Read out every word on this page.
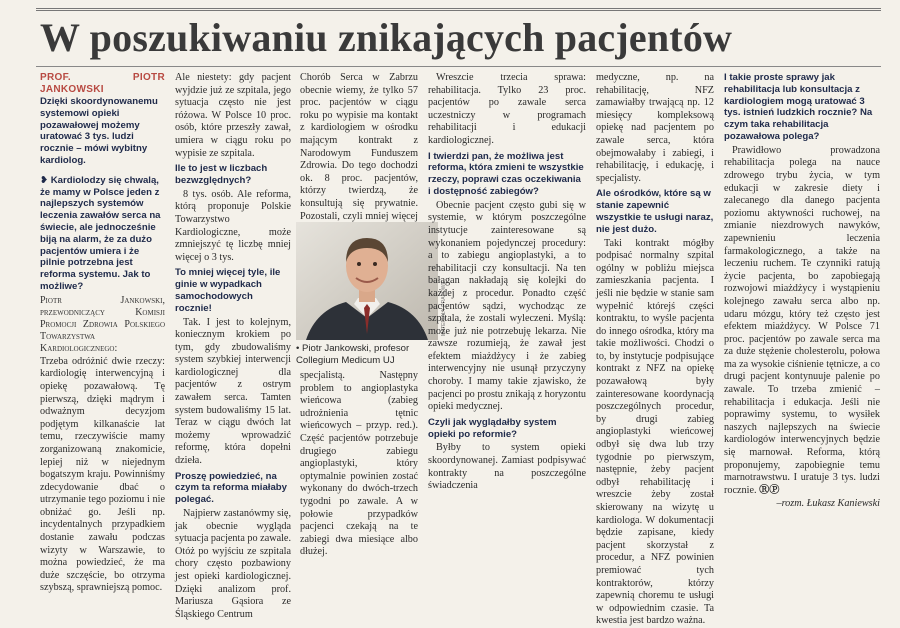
W poszukiwaniu znikających pacjentów
PROF. PIOTR JANKOWSKI
Dzięki skoordynowanemu systemowi opieki pozawałowej możemy uratować 3 tys. ludzi rocznie – mówi wybitny kardiolog.
❥ Kardiolodzy się chwalą, że mamy w Polsce jeden z najlepszych systemów leczenia zawałów serca na świecie, ale jednocześnie biją na alarm, że za dużo pacjentów umiera i że pilnie potrzebna jest reforma systemu. Jak to możliwe?

Piotr Jankowski, przewodniczący Komisji Promocji Zdrowia Polskiego Towarzystwa Kardiologicznego:

Trzeba odróżnić dwie rzeczy: kardiologię interwencyjną i opiekę pozawałową. Tę pierwszą, dzięki mądrym i odważnym decyzjom podjętym kilkanaście lat temu, rzeczywiście mamy zorganizowaną znakomicie, lepiej niż w niejednym bogatszym kraju. Powinniśmy zdecydowanie dbać o utrzymanie tego poziomu i nie obniżać go. Jeśli np. incydentalnych przypadkiem dostanie zawału podczas wizyty w Warszawie, to można powiedzieć, że ma duże szczęście, bo otrzyma szybszą, sprawniejszą pomoc.

Ale niestety: gdy pacjent wyjdzie już ze szpitala, jego sytuacja często nie jest różowa. W Polsce 10 proc. osób, które przeszły zawał, umiera w ciągu roku po wypisie ze szpitala.

Ile to jest w liczbach bezwzględnych?

8 tys. osób. Ale reforma, którą proponuje Polskie Towarzystwo Kardiologiczne, może zmniejszyć tę liczbę mniej więcej o 3 tys.

To mniej więcej tyle, ile ginie w wypadkach samochodowych rocznie!

Tak. I jest to kolejnym, koniecznym krokiem po tym, gdy zbudowaliśmy system szybkiej interwencji kardiologicznej dla pacjentów z ostrym zawałem serca. Tamten system budowaliśmy 15 lat. Teraz w ciągu dwóch lat możemy wprowadzić reformę, która dopełni dzieła.

Proszę powiedzieć, na czym ta reforma miałaby polegać.

Najpierw zastanówmy się, jak obecnie wygląda sytuacja pacjenta po zawale. Otóż po wyjściu ze szpitala chory często pozbawiony jest opieki kardiologicznej. Dzięki analizom prof. Mariusza Gąsiora ze Śląskiego Centrum

Chorób Serca w Zabrzu obecnie wiemy, że tylko 57 proc. pacjentów w ciągu roku po wypisie ma kontakt z kardiologiem w ośrodku mającym kontrakt z Narodowym Funduszem Zdrowia. Do tego dochodzi ok. 8 proc. pacjentów, którzy twierdzą, że konsultują się prywatnie. Pozostali, czyli mniej więcej

MATERIAŁY PRASOWE
• Piotr Jankowski, profesor Collegium Medicum UJ

specjalistą. Następny problem to angioplastyka wieńcowa (zabieg udrożnienia tętnic wieńcowych – przyp. red.). Część pacjentów potrzebuje drugiego zabiegu angioplastyki, który optymalnie powinien zostać wykonany do dwóch-trzech tygodni po zawale. A w połowie przypadków pacjenci czekają na te zabiegi dwa miesiące albo dłużej.

Wreszcie trzecia sprawa: rehabilitacja. Tylko 23 proc. pacjentów po zawale serca uczestniczy w programach rehabilitacji i edukacji kardiologicznej.

I twierdzi pan, że możliwa jest reforma, która zmieni te wszystkie rzeczy, poprawi czas oczekiwania i dostępność zabiegów?

Obecnie pacjent często gubi się w systemie, w którym poszczególne instytucje zainteresowane są wykonaniem pojedynczej procedury: a to zabiegu angioplastyki, a to rehabilitacji czy konsultacji. Na ten bałagan nakładają się kolejki do każdej z procedur. Ponadto część pacjentów sądzi, wychodząc ze szpitala, że zostali wyleczeni. Myślą: może już nie potrzebuję lekarza. Nie zawsze rozumieją, że zawał jest efektem miażdżycy i że zabieg interwencyjny nie usunął przyczyny choroby. I mamy takie zjawisko, że pacjenci po prostu znikają z horyzontu opieki medycznej.

Czyli jak wyglądałby system opieki po reformie?

Byłby to system opieki skoordynowanej. Zamiast podpisywać kontrakty na poszczególne świadczenia

medyczne, np. na rehabilitację, NFZ zamawiałby trwającą np. 12 miesięcy kompleksową opiekę nad pacjentem po zawale serca, która obejmowałaby i zabiegi, i rehabilitację, i edukację, i specjalisty.

Ale ośrodków, które są w stanie zapewnić wszystkie te usługi naraz, nie jest dużo.

Taki kontrakt mógłby podpisać normalny szpital ogólny w pobliżu miejsca zamieszkania pacjenta. I jeśli nie będzie w stanie sam wypełnić którejś części kontraktu, to wyśle pacjenta do innego ośrodka, który ma takie możliwości. Chodzi o to, by instytucje podpisujące kontrakt z NFZ na opiekę pozawałową były zainteresowane koordynacją poszczególnych procedur, by drugi zabieg angioplastyki wieńcowej odbył się dwa lub trzy tygodnie po pierwszym, następnie, żeby pacjent odbył rehabilitację i wreszcie żeby został skierowany na wizytę u kardiologa. W dokumentacji będzie zapisane, kiedy pacjent skorzystał z procedur, a NFZ powinien premiować tych kontraktorów, którzy zapewnią choremu te usługi w odpowiednim czasie. Ta kwestia jest bardzo ważna.

I takie proste sprawy jak rehabilitacja lub konsultacja z kardiologiem mogą uratować 3 tys. istnień ludzkich rocznie? Na czym taka rehabilitacja pozawałowa polega?

Prawidłowo prowadzona rehabilitacja polega na nauce zdrowego trybu życia, w tym edukacji w zakresie diety i zalecanego dla danego pacjenta poziomu aktywności ruchowej, na zmianie niezdrowych nawyków, zapewnieniu leczenia farmakologicznego, a także na leczeniu ruchem. Te czynniki ratują życie pacjenta, bo zapobiegają rozwojowi miażdżycy i wystąpieniu kolejnego zawału serca albo np. udaru mózgu, który też często jest efektem miażdżycy. W Polsce 71 proc. pacjentów po zawale serca ma za duże stężenie cholesterolu, połowa ma za wysokie ciśnienie tętnicze, a co drugi pacjent kontynuuje palenie po zawale. To trzeba zmienić – rehabilitacja i edukacja. Jeśli nie poprawimy systemu, to wysiłek naszych najlepszych na świecie kardiologów interwencyjnych będzie się marnował. Reforma, którą proponujemy, zapobiegnie temu marnotrawstwu. I uratuje 3 tys. ludzi rocznie. ⓇⓅ

–rozm. Łukasz Kaniewski
